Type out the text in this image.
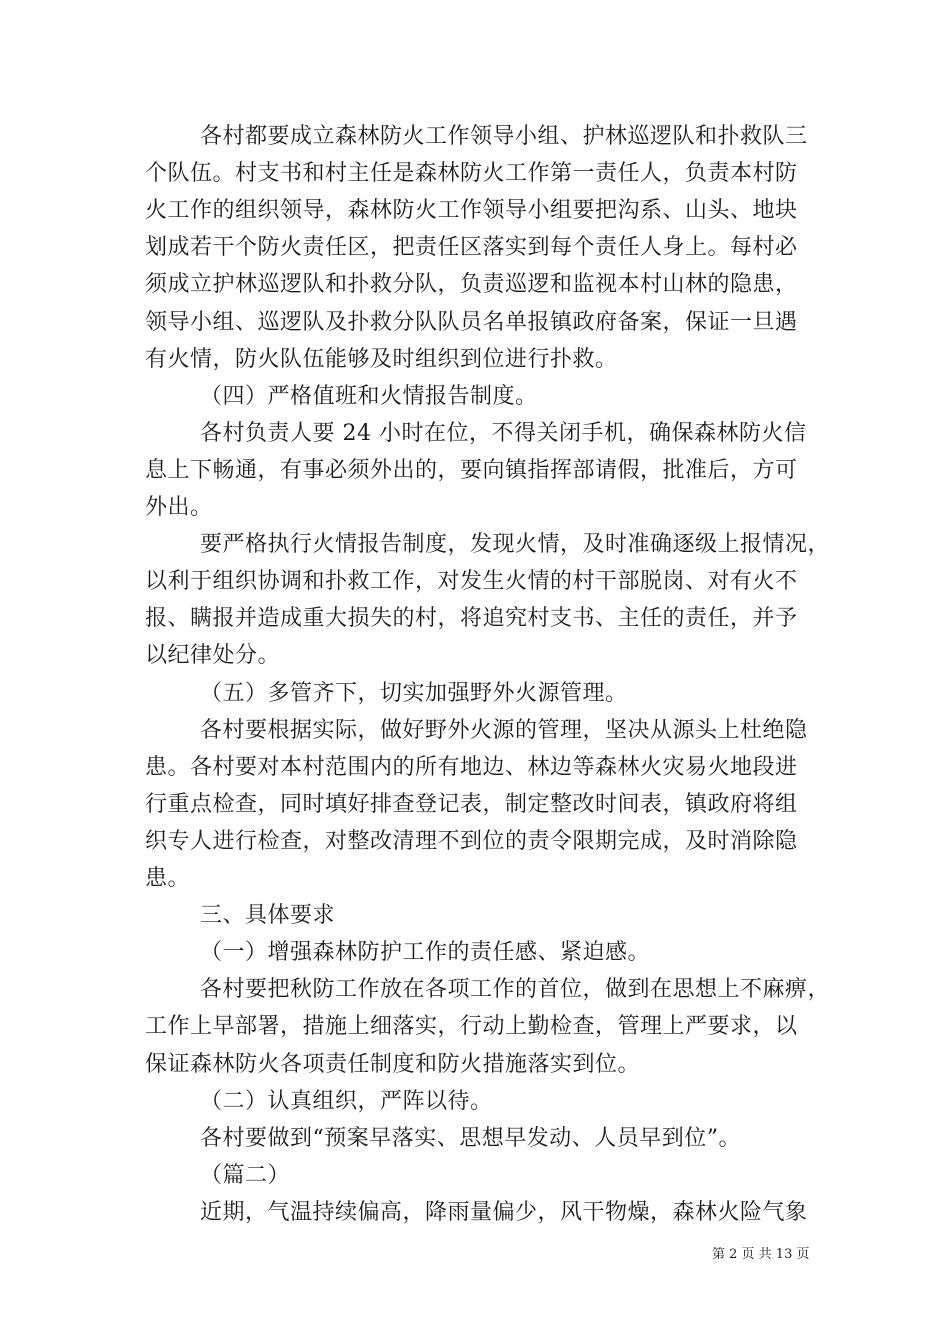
各村都要成立森林防火工作领导小组、护林巡逻队和扑救队三
个队伍。村支书和村主任是森林防火工作第一责任人，负责本村防
火工作的组织领导，森林防火工作领导小组要把沟系、山头、地块
划成若干个防火责任区，把责任区落实到每个责任人身上。每村必
须成立护林巡逻队和扑救分队，负责巡逻和监视本村山林的隐患，
领导小组、巡逻队及扑救分队队员名单报镇政府备案，保证一旦遇
有火情，防火队伍能够及时组织到位进行扑救。
（四）严格值班和火情报告制度。
各村负责人要 24 小时在位，不得关闭手机，确保森林防火信
息上下畅通，有事必须外出的，要向镇指挥部请假，批准后，方可
外出。
要严格执行火情报告制度，发现火情，及时准确逐级上报情况，
以利于组织协调和扑救工作，对发生火情的村干部脱岗、对有火不
报、瞒报并造成重大损失的村，将追究村支书、主任的责任，并予
以纪律处分。
（五）多管齐下，切实加强野外火源管理。
各村要根据实际，做好野外火源的管理，坚决从源头上杜绝隐
患。各村要对本村范围内的所有地边、林边等森林火灾易火地段进
行重点检查，同时填好排查登记表，制定整改时间表，镇政府将组
织专人进行检查，对整改清理不到位的责令限期完成，及时消除隐
患。
三、具体要求
（一）增强森林防护工作的责任感、紧迫感。
各村要把秋防工作放在各项工作的首位，做到在思想上不麻痹，
工作上早部署，措施上细落实，行动上勤检查，管理上严要求，以
保证森林防火各项责任制度和防火措施落实到位。
（二）认真组织，严阵以待。
各村要做到“预案早落实、思想早发动、人员早到位”。
（篇二）
近期，气温持续偏高，降雨量偏少，风干物燥，森林火险气象
第 2 页 共 13 页
